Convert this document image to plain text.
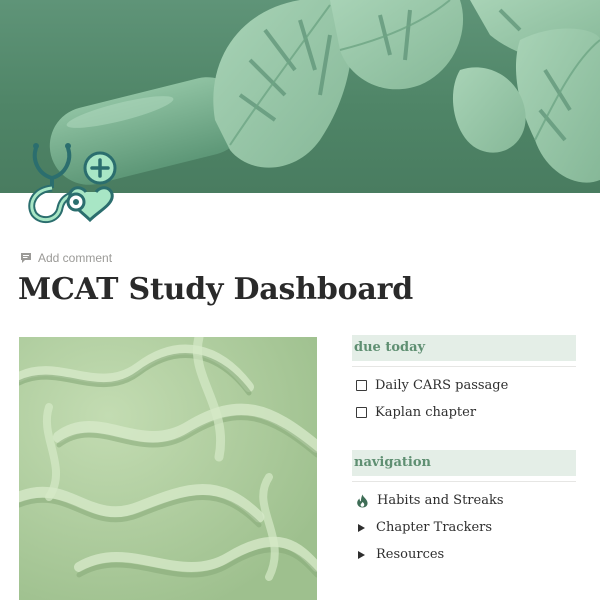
Add comment
MCAT Study Dashboard
due today
Daily CARS passage
Kaplan chapter
navigation
Habits and Streaks
Chapter Trackers
Resources
